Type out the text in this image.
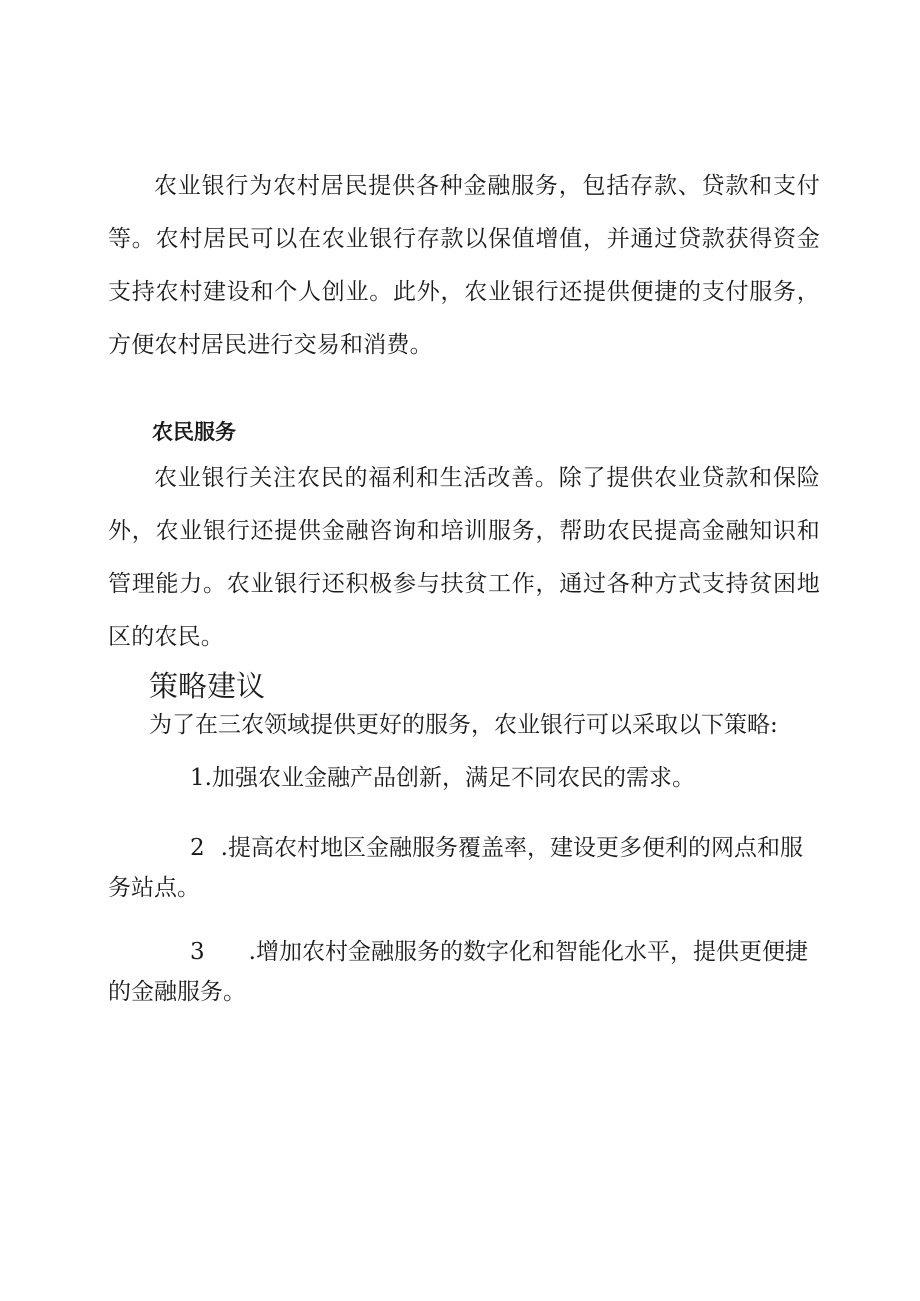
农业银行为农村居民提供各种金融服务，包括存款、贷款和支付等。农村居民可以在农业银行存款以保值增值，并通过贷款获得资金支持农村建设和个人创业。此外，农业银行还提供便捷的支付服务，方便农村居民进行交易和消费。

农民服务

农业银行关注农民的福利和生活改善。除了提供农业贷款和保险外，农业银行还提供金融咨询和培训服务，帮助农民提高金融知识和管理能力。农业银行还积极参与扶贫工作，通过各种方式支持贫困地区的农民。

策略建议

为了在三农领域提供更好的服务，农业银行可以采取以下策略:

1.加强农业金融产品创新，满足不同农民的需求。

2 .提高农村地区金融服务覆盖率，建设更多便利的网点和服务站点。

3 .增加农村金融服务的数字化和智能化水平，提供更便捷的金融服务。
